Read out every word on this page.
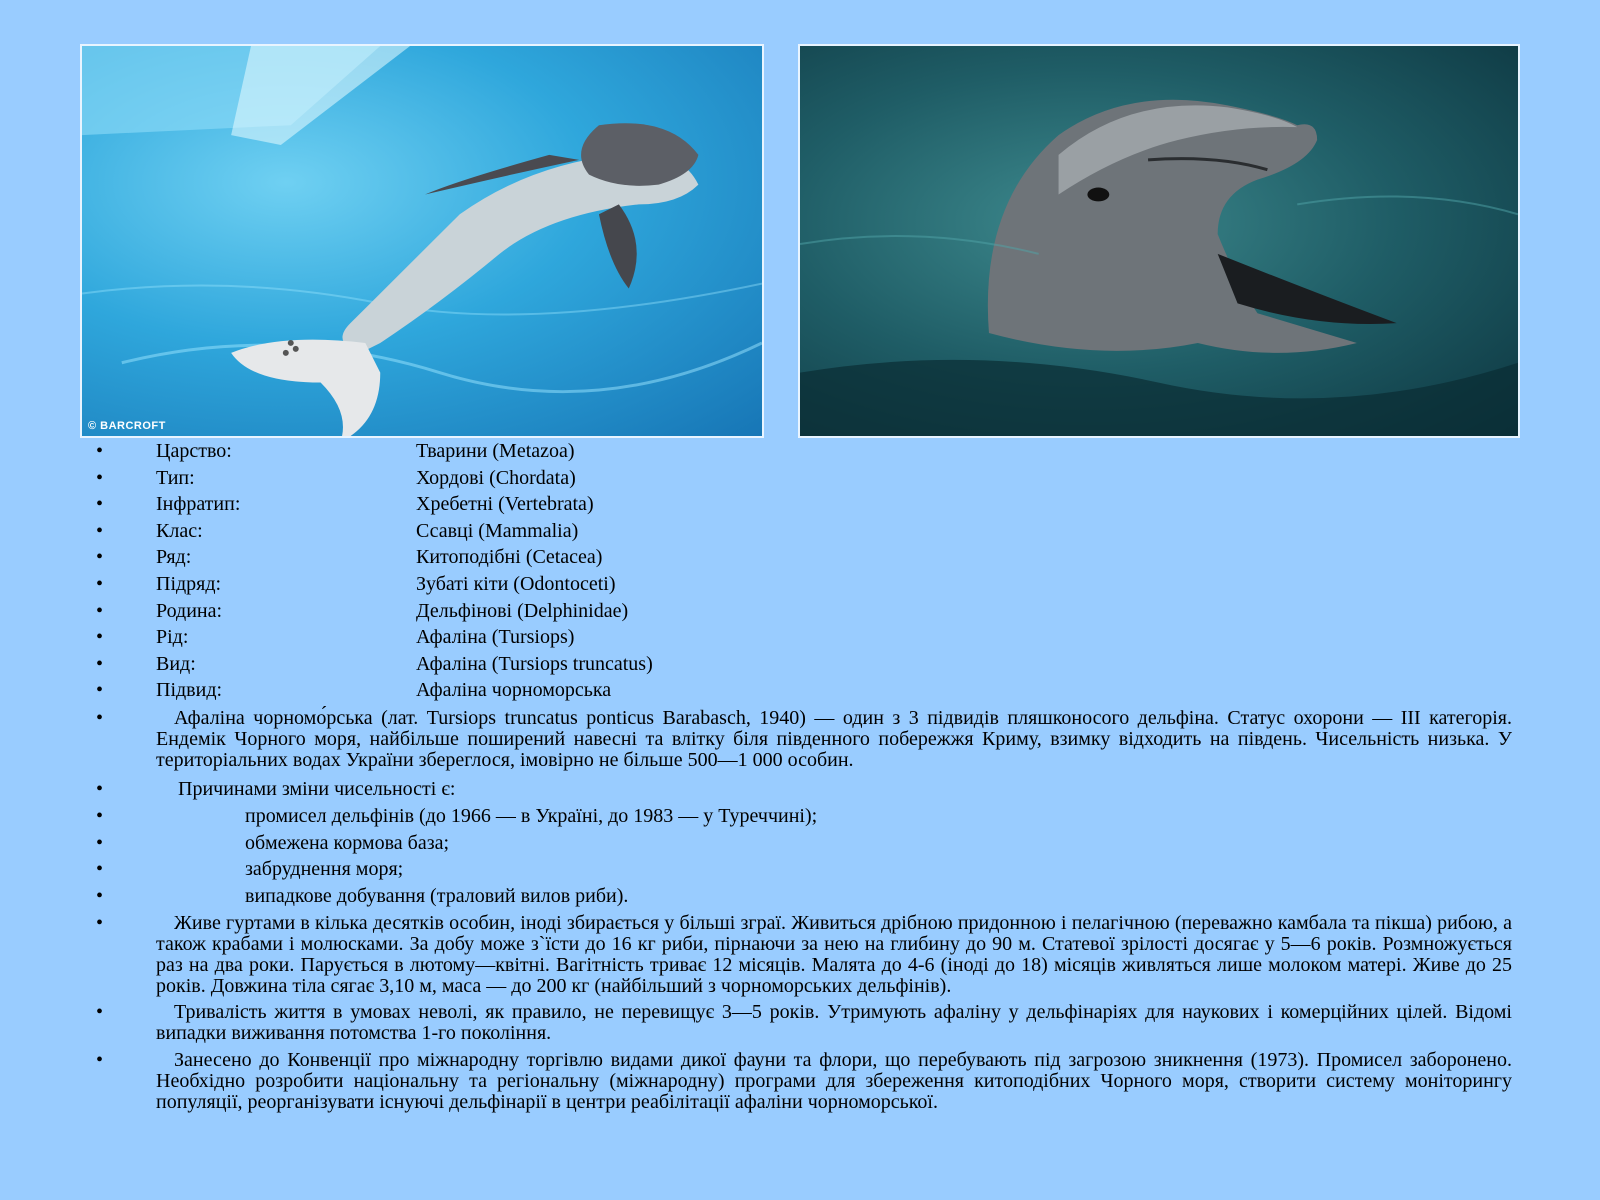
© BARCROFT
•	Царство:	Тварини (Metazoa)
•	Тип:	Хордові (Chordata)
•	Інфратип:	Хребетні (Vertebrata)
•	Клас:	Ссавці (Mammalia)
•	Ряд:	Китоподібні (Cetacea)
•	Підряд:	Зубаті кіти (Odontoceti)
•	Родина:	Дельфінові (Delphinidae)
•	Рід:	Афаліна (Tursiops)
•	Вид:	Афаліна (Tursiops truncatus)
•	Підвид:	Афаліна чорноморська
•	Афаліна чорномо́рська (лат. Tursiops truncatus ponticus Barabasch, 1940) — один з 3 підвидів пляшконосого дельфіна. Статус охорони — III категорія. Ендемік Чорного моря, найбільше поширений навесні та влітку біля південного побережжя Криму, взимку відходить на південь. Чисельність низька. У територіальних водах України збереглося, імовірно не більше 500—1 000 особин.
•	Причинами зміни чисельності є:
•	промисел дельфінів (до 1966 — в Україні, до 1983 — у Туреччині);
•	обмежена кормова база;
•	забруднення моря;
•	випадкове добування (траловий вилов риби).
•	Живе гуртами в кілька десятків особин, іноді збирається у більші зграї. Живиться дрібною придонною і пелагічною (переважно камбала та пікша) рибою, а також крабами і молюсками. За добу може з`їсти до 16 кг риби, пірнаючи за нею на глибину до 90 м. Статевої зрілості досягає у 5—6 років. Розмножується раз на два роки. Парується в лютому—квітні. Вагітність триває 12 місяців. Малята до 4-6 (іноді до 18) місяців живляться лише молоком матері. Живе до 25 років. Довжина тіла сягає 3,10 м, маса — до 200 кг (найбільший з чорноморських дельфінів).
•	Тривалість життя в умовах неволі, як правило, не перевищує 3—5 років. Утримують афаліну у дельфінаріях для наукових і комерційних цілей. Відомі випадки виживання потомства 1-го покоління.
•	Занесено до Конвенції про міжнародну торгівлю видами дикої фауни та флори, що перебувають під загрозою зникнення (1973). Промисел заборонено. Необхідно розробити національну та регіональну (міжнародну) програми для збереження китоподібних Чорного моря, створити систему моніторингу популяції, реорганізувати існуючі дельфінарії в центри реабілітації афаліни чорноморської.
